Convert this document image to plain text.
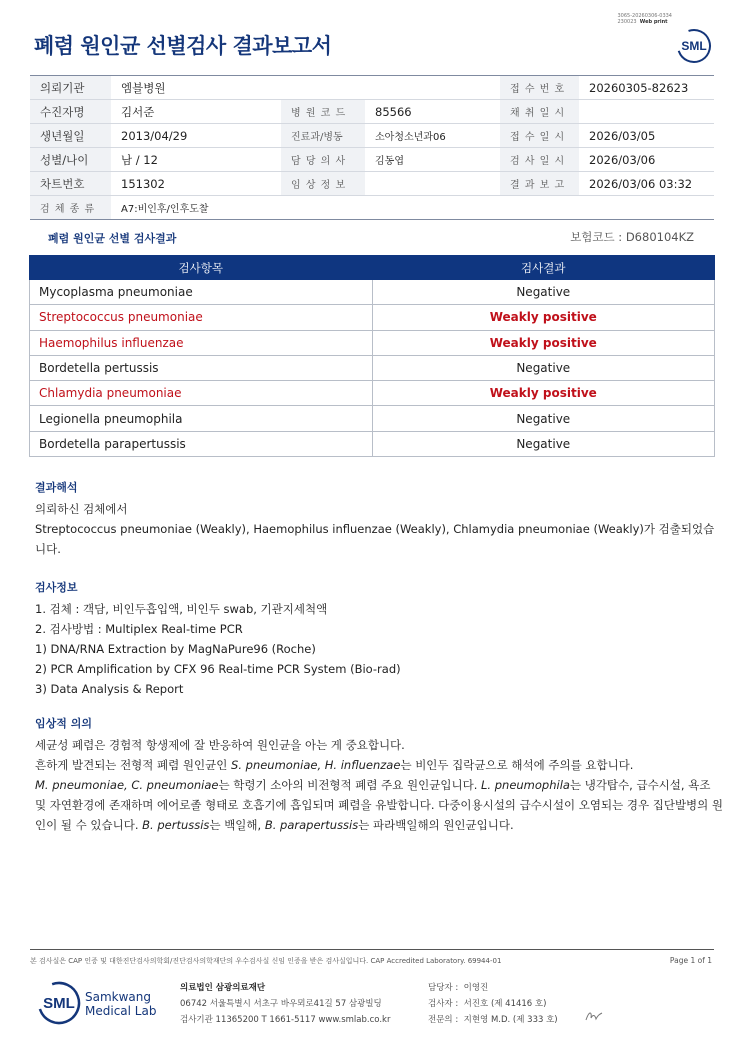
3065-20260306-0334
230023 Web print
폐렴 원인균 선별검사 결과보고서	SML
의뢰기관	엠블병원			접 수 번 호	20260305-82623
수진자명	김서준	병 원 코 드	85566	채 취 일 시	
생년월일	2013/04/29	진료과/병동	소아청소년과06	접 수 일 시	2026/03/05
성별/나이	남 / 12	담 당 의 사	김동엽	검 사 일 시	2026/03/06
차트번호	151302	임 상 정 보		결 과 보 고	2026/03/06 03:32
검 체 종 류	A7:비인후/인후도찰				
폐렴 원인균 선별 검사결과	보험코드 : D680104KZ
검사항목	검사결과
Mycoplasma pneumoniae	Negative
Streptococcus pneumoniae	Weakly positive
Haemophilus influenzae	Weakly positive
Bordetella pertussis	Negative
Chlamydia pneumoniae	Weakly positive
Legionella pneumophila	Negative
Bordetella parapertussis	Negative
결과해석

의뢰하신 검체에서

Streptococcus pneumoniae (Weakly), Haemophilus influenzae (Weakly), Chlamydia pneumoniae (Weakly)가 검출되었습니다.

검사정보

1. 검체 : 객담, 비인두흡입액, 비인두 swab, 기관지세척액

2. 검사방법 : Multiplex Real-time PCR

1) DNA/RNA Extraction by MagNaPure96 (Roche)

2) PCR Amplification by CFX 96 Real-time PCR System (Bio-rad)

3) Data Analysis & Report

임상적 의의

세균성 폐렴은 경험적 항생제에 잘 반응하여 원인균을 아는 게 중요합니다.

흔하게 발견되는 전형적 폐렴 원인균인 S. pneumoniae, H. influenzae는 비인두 집락균으로 해석에 주의를 요합니다.

M. pneumoniae, C. pneumoniae는 학령기 소아의 비전형적 폐렴 주요 원인균입니다. L. pneumophila는 냉각탑수, 급수시설, 욕조 및 자연환경에 존재하며 에어로졸 형태로 호흡기에 흡입되며 폐렴을 유발합니다. 다중이용시설의 급수시설이 오염되는 경우 집단발병의 원인이 될 수 있습니다. B. pertussis는 백일해, B. parapertussis는 파라백일해의 원인균입니다.

본 검사실은 CAP 인증 및 대한진단검사의학회/진단검사의학재단의 우수검사실 신임 인증을 받은 검사실입니다. CAP Accredited Laboratory. 69944-01	Page 1 of 1
SML Samkwang
Medical Lab
의료법인 삼광의료재단
06742 서울특별시 서초구 바우뫼로41길 57 삼광빌딩
검사기관 11365200 T 1661-5117 www.smlab.co.kr
담당자 : 이영진
검사자 : 서진호 (제 41416 호)
전문의 : 지현영 M.D. (제 333 호)
